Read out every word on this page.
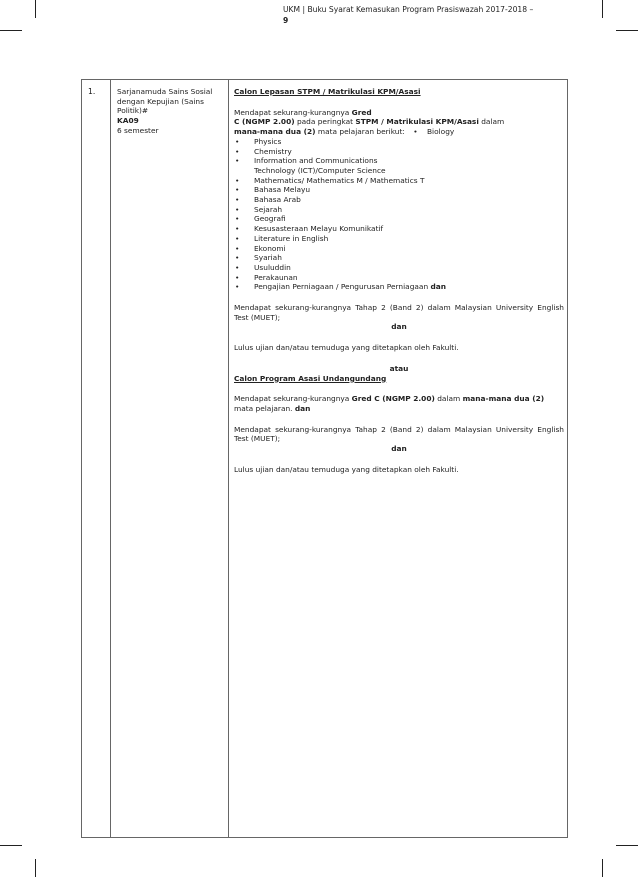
UKM | Buku Syarat Kemasukan Program Prasiswazah 2017-2018 –
9
1.	Sarjanamuda Sains Sosial dengan Kepujian (Sains Politik)#
KA09
6 semester

Calon Lepasan STPM / Matrikulasi KPM/Asasi

Mendapat sekurang-kurangnya Gred
C (NGMP 2.00) pada peringkat STPM / Matrikulasi KPM/Asasi dalam
mana-mana dua (2) mata pelajaran berikut: •    Biology

• Physics
• Chemistry
• Information and Communications
Technology (ICT)/Computer Science
• Mathematics/ Mathematics M / Mathematics T
• Bahasa Melayu
• Bahasa Arab
• Sejarah
• Geografi
• Kesusasteraan Melayu Komunikatif
• Literature in English
• Ekonomi
• Syariah
• Usuluddin
• Perakaunan
• Pengajian Perniagaan / Pengurusan Perniagaan dan

Mendapat sekurang-kurangnya Tahap 2 (Band 2) dalam Malaysian University English Test (MUET);

dan

Lulus ujian dan/atau temuduga yang ditetapkan oleh Fakulti.

atau

Calon Program Asasi Undangundang

Mendapat sekurang-kurangnya Gred C (NGMP 2.00) dalam mana-mana dua (2) mata pelajaran. dan

Mendapat sekurang-kurangnya Tahap 2 (Band 2) dalam Malaysian University English Test (MUET);

dan

Lulus ujian dan/atau temuduga yang ditetapkan oleh Fakulti.
